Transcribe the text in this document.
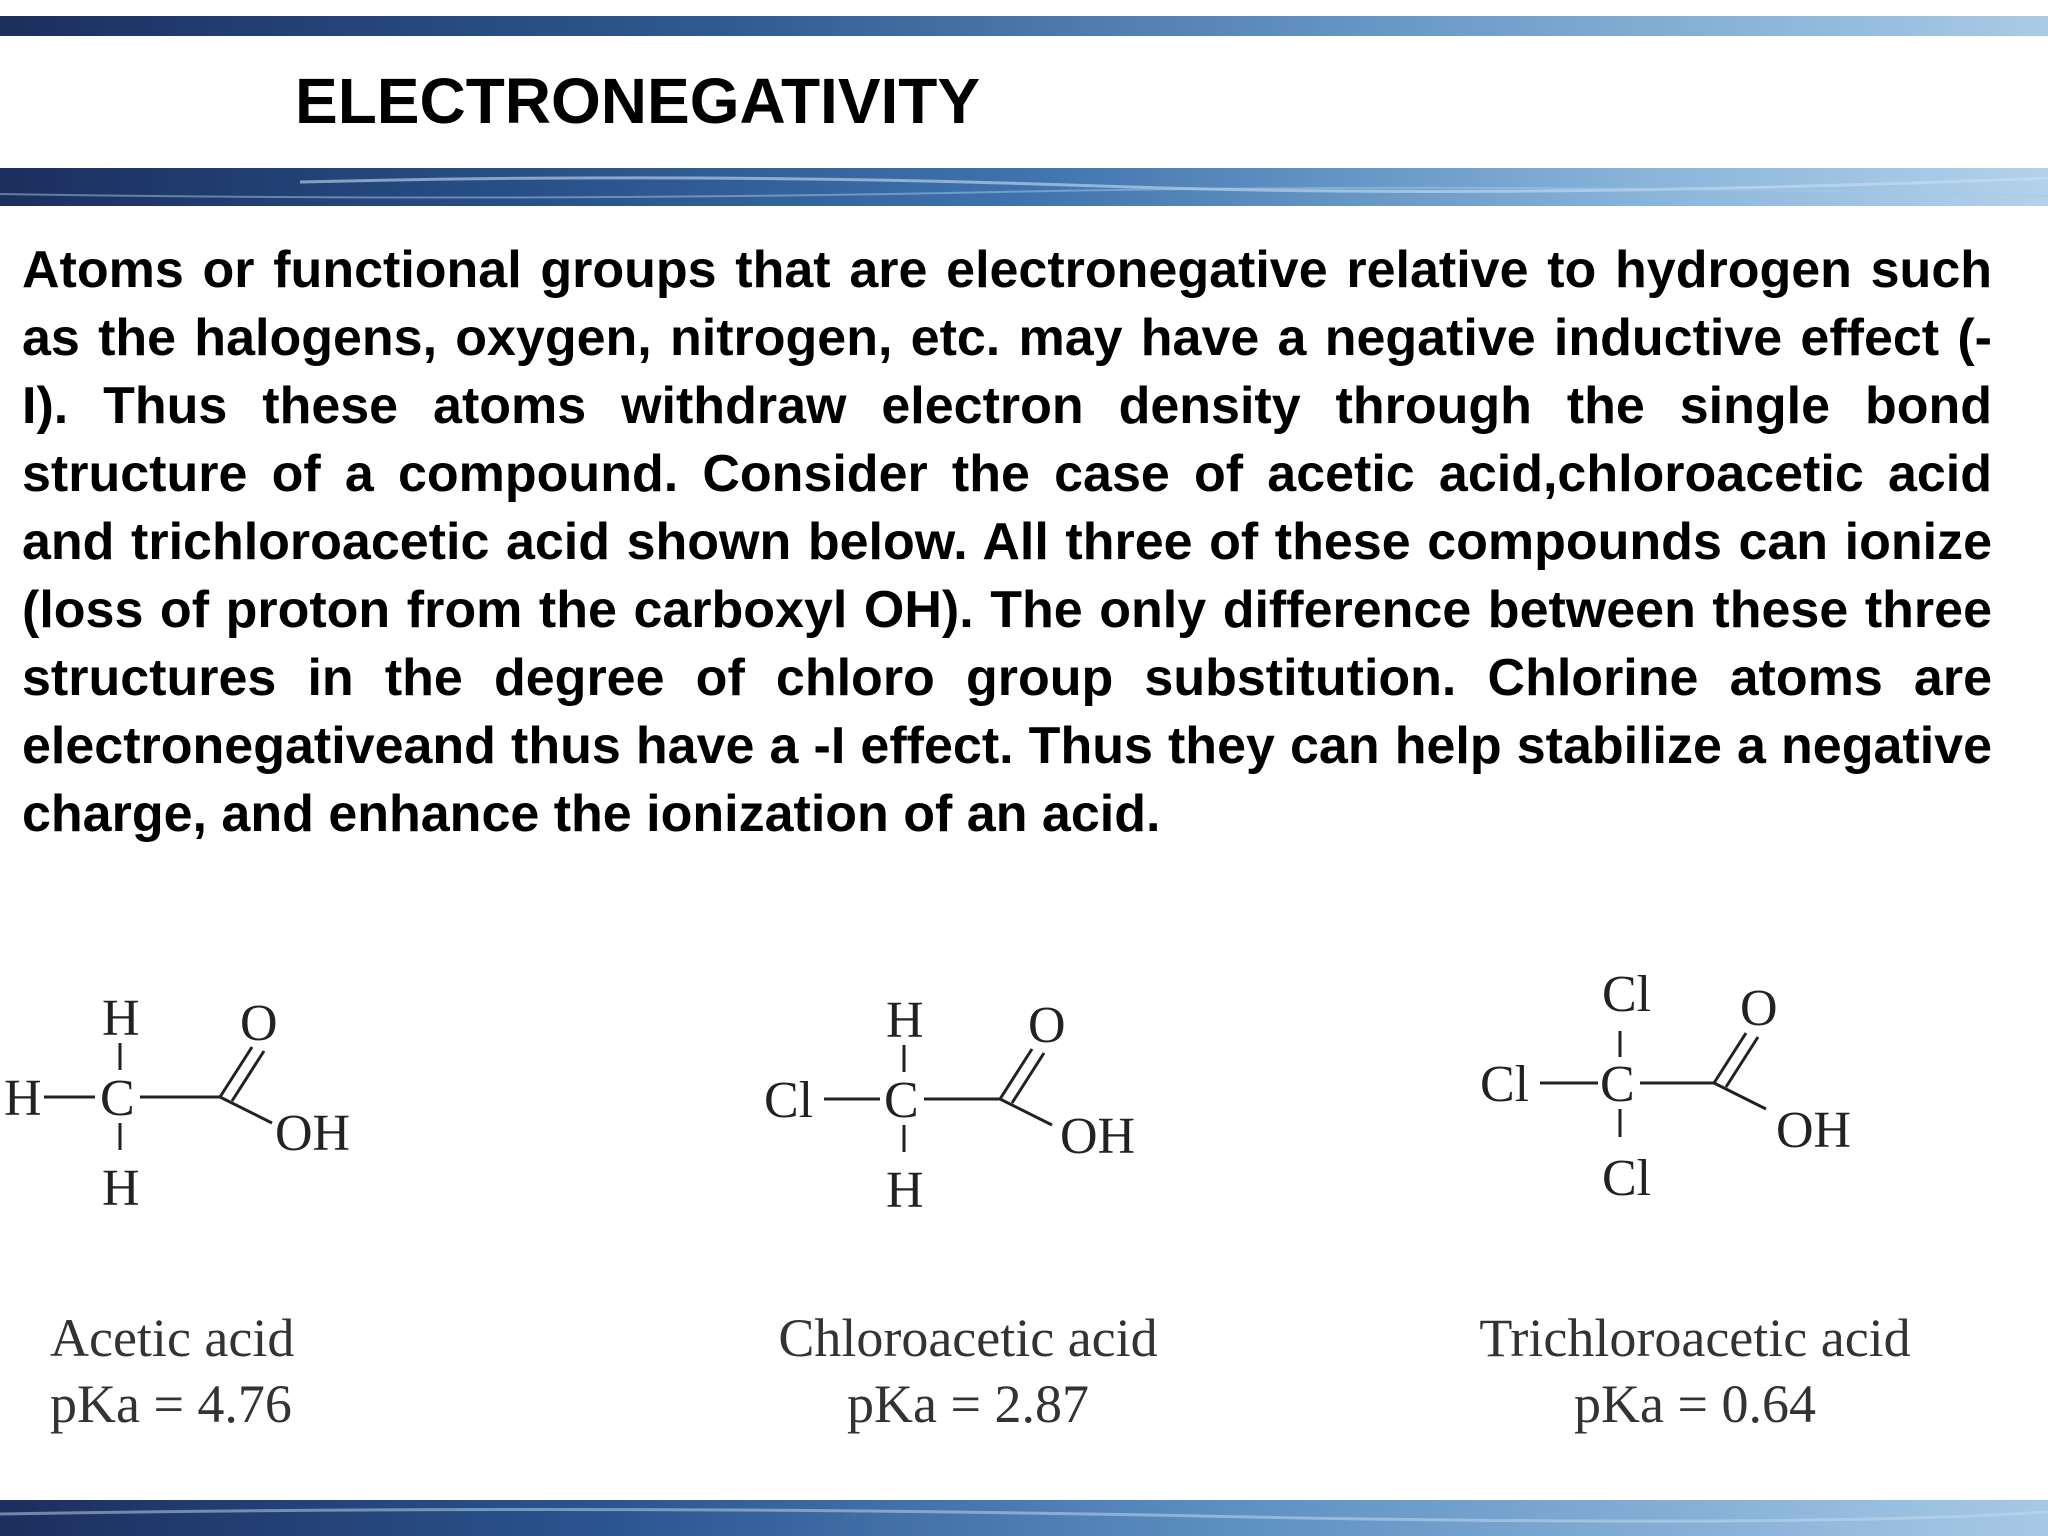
ELECTRONEGATIVITY

Atoms or functional groups that are electronegative relative to hydrogen such as the halogens, oxygen, nitrogen, etc. may have a negative inductive effect (-I). Thus these atoms withdraw electron density through the single bond structure of a compound. Consider the case of acetic acid,chloroacetic acid and trichloroacetic acid shown below. All three of these compounds can ionize (loss of proton from the carboxyl OH). The only difference between these three structures in the degree of chloro group substitution. Chlorine atoms are electronegativeand thus have a -I effect. Thus they can help stabilize a negative charge, and enhance the ionization of an acid.

H
H C
H
O
OH
H
Cl C
H
O
OH
Cl
Cl C
Cl
O
OH
Acetic acid
pKa = 4.76
Chloroacetic acid
pKa = 2.87
Trichloroacetic acid
pKa = 0.64
